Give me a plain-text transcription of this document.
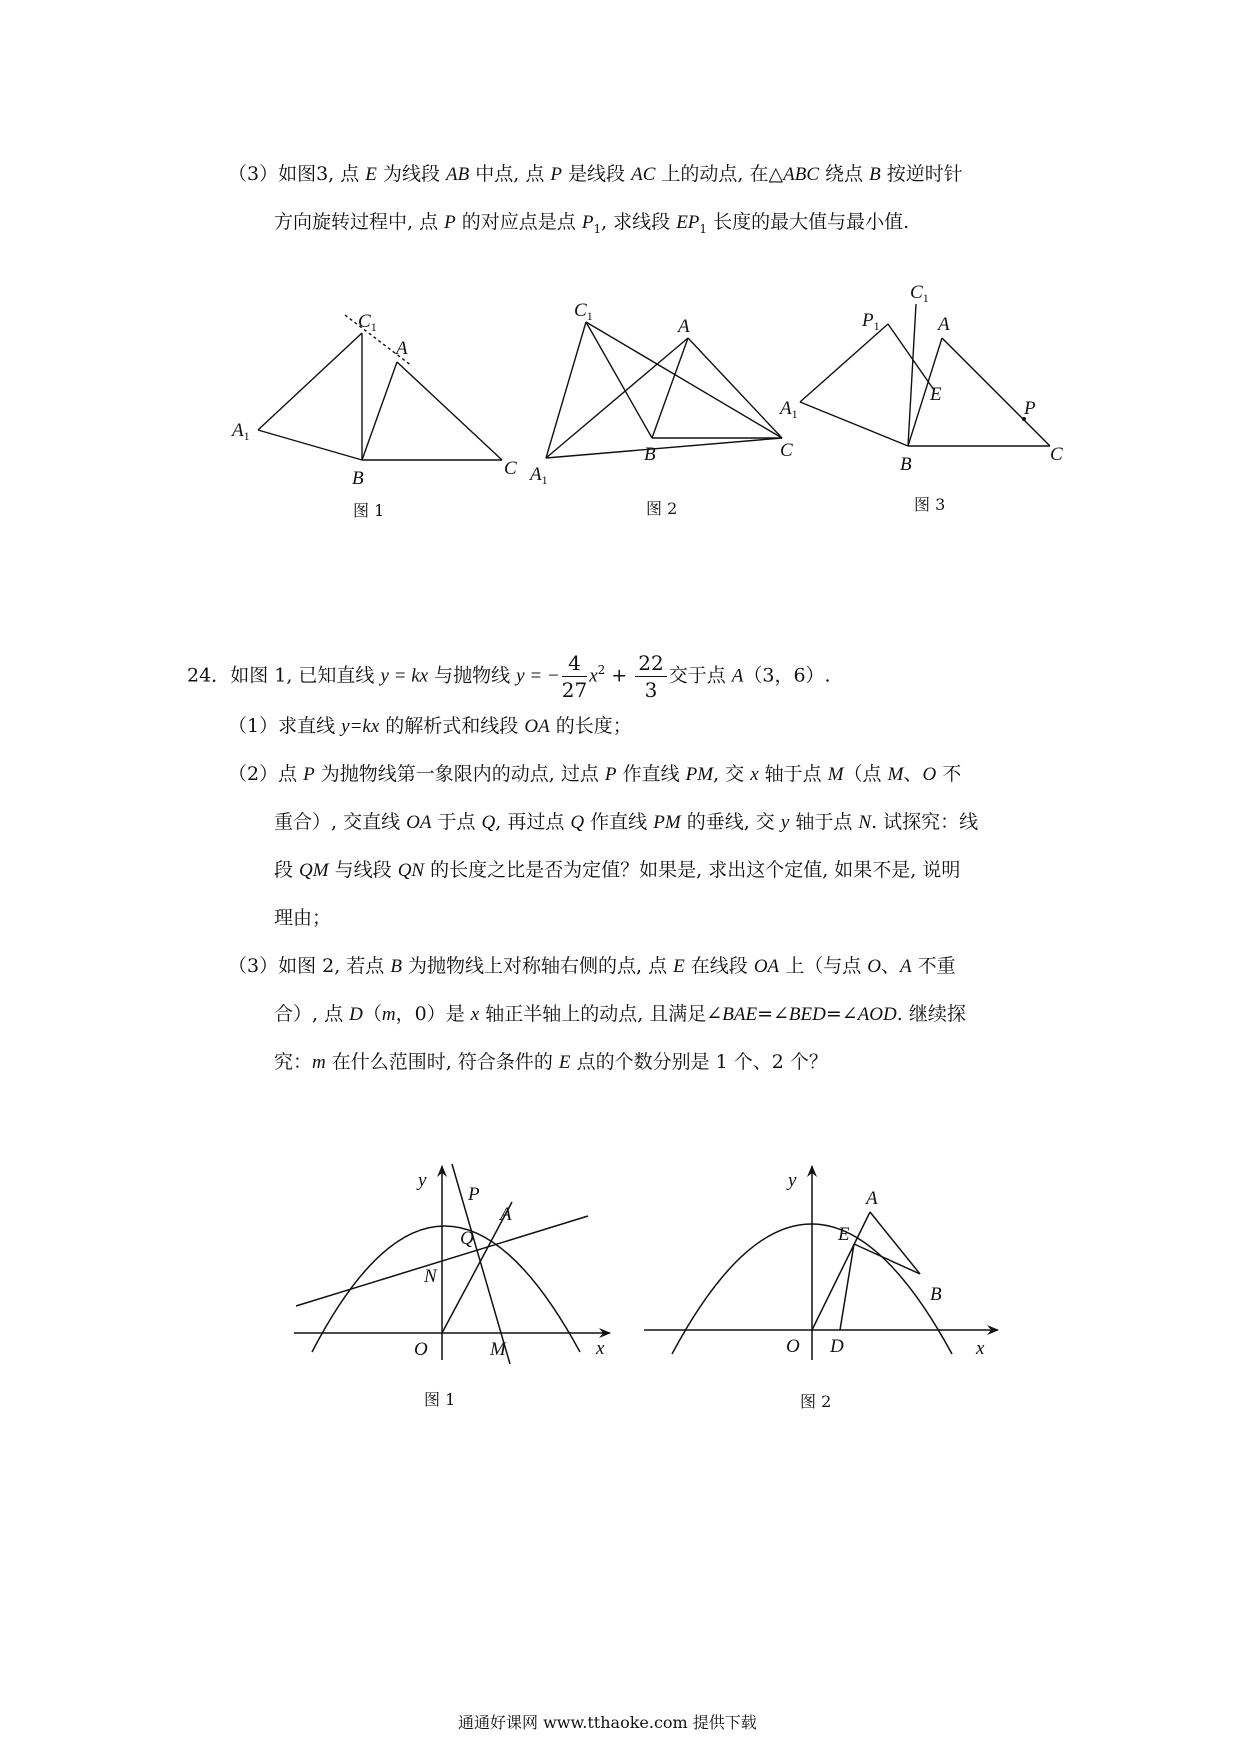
（3）如图3, 点 E 为线段 AB 中点, 点 P 是线段 AC 上的动点, 在△ABC 绕点 B 按逆时针
方向旋转过程中, 点 P 的对应点是点 $P_1$, 求线段 $EP_1$ 长度的最大值与最小值.
$C_1$
A
$A_1$
B	C
$C_1$	A
$A_1$
B	C
$C_1$
$P_1$	A
$A_1$
E
P
B	C
图 1	图 2	图 3
24．如图 1, 已知直线 y = kx 与抛物线 y = − $\frac{4}{27} x^2 + \frac{22}{3}$ 交于点 A（3，6）.
（1）求直线 y=kx 的解析式和线段 OA 的长度；
（2）点 P 为抛物线第一象限内的动点, 过点 P 作直线 PM, 交 x 轴于点 M（点 M、O 不
重合）, 交直线 OA 于点 Q, 再过点 Q 作直线 PM 的垂线, 交 y 轴于点 N. 试探究：线
段 QM 与线段 QN 的长度之比是否为定值？如果是, 求出这个定值, 如果不是, 说明
理由；
（3）如图 2, 若点 B 为抛物线上对称轴右侧的点, 点 E 在线段 OA 上（与点 O、A 不重
合）, 点 D（m，0）是 x 轴正半轴上的动点, 且满足∠BAE=∠BED=∠AOD. 继续探
究：m 在什么范围时, 符合条件的 E 点的个数分别是 1 个、2 个？
y
P
A
Q
N
O	M	x
y
A
E
B
O D	x
图 1	图 2
通通好课网 www.tthaoke.com 提供下载
